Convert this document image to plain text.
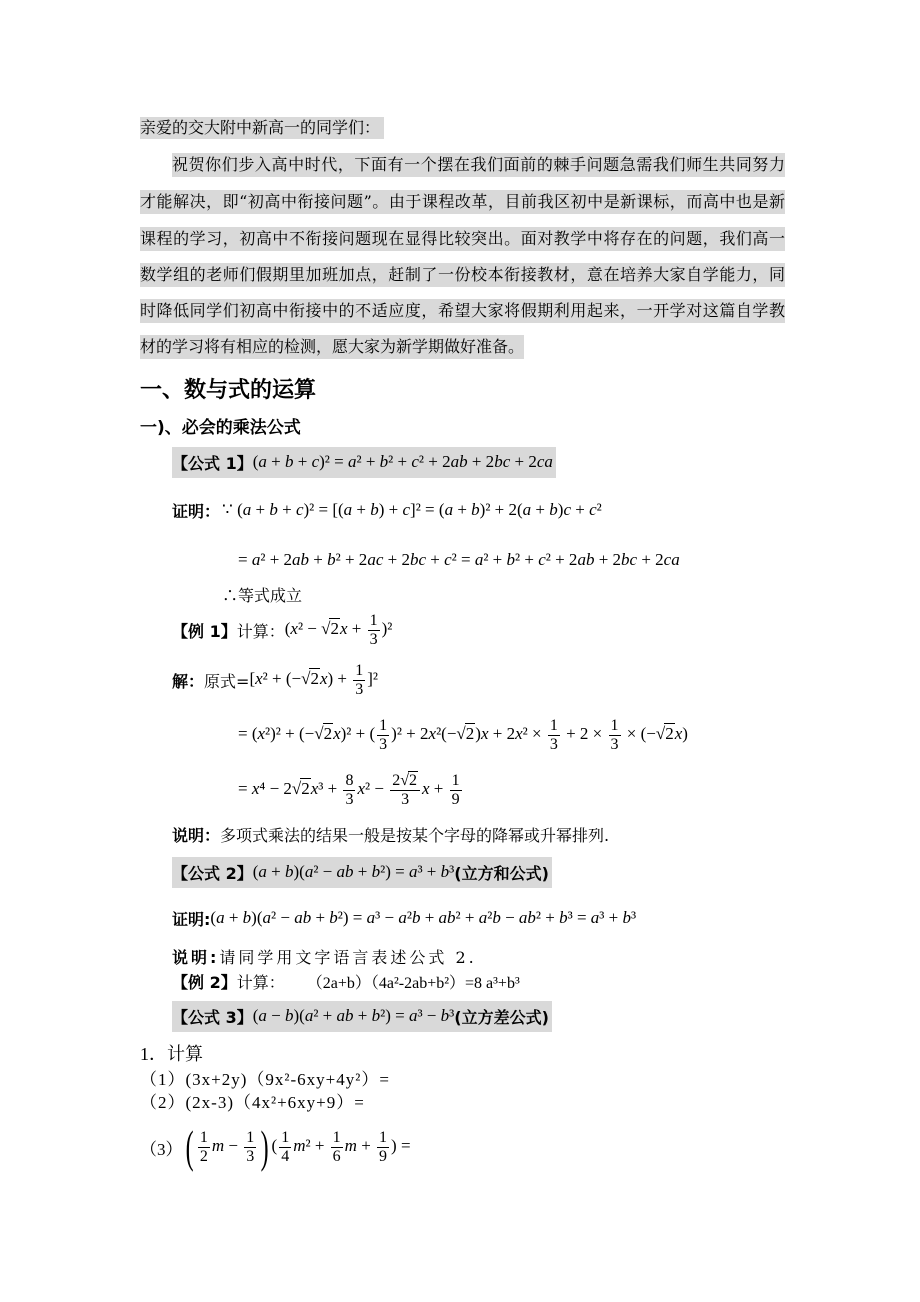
亲爱的交大附中新高一的同学们：
祝贺你们步入高中时代，下面有一个摆在我们面前的棘手问题急需我们师生共同努力
才能解决，即“初高中衔接问题”。由于课程改革，目前我区初中是新课标，而高中也是新
课程的学习，初高中不衔接问题现在显得比较突出。面对教学中将存在的问题，我们高一
数学组的老师们假期里加班加点，赶制了一份校本衔接教材，意在培养大家自学能力，同
时降低同学们初高中衔接中的不适应度，希望大家将假期利用起来，一开学对这篇自学教
材的学习将有相应的检测，愿大家为新学期做好准备。
一、数与式的运算
一)、必会的乘法公式
【公式 1】 (a + b + c)² = a² + b² + c² + 2ab + 2bc + 2ca
证明： ∵ (a + b + c)² = [(a + b) + c]² = (a + b)² + 2(a + b)c + c²
= a² + 2ab + b² + 2ac + 2bc + c² = a² + b² + c² + 2ab + 2bc + 2ca
∴等式成立
【例 1】 计算： $(x^2 - √2x + \frac{1}{3} )^2$
解： 原式= $[x^2 + (-√2x) + \frac{1}{3} ]^2$
= (x²)² + (−√2x)² + ( $\frac{1}{3} )^2 + 2x^2(-√2)x + 2x^2 \times \frac{1}{3} + 2 \times \frac{1}{3} \times (-√2x)$
= $x^4 - 2√2x^3 + \frac{8}{3} x^2 - \frac{2√2}{3}$ $x + \frac{1}{9}$
说明： 多项式乘法的结果一般是按某个字母的降幂或升幂排列.
【公式 2】 (a + b)(a² − ab + b²) = a³ + b³ (立方和公式)
证明: (a + b)(a² − ab + b²) = a³ − a²b + ab² + a²b − ab² + b³ = a³ + b³
说明: 请同学用文字语言表述公式 2.
【例 2】 计算： （2a+b）（4a²-2ab+b²）=8 a³+b³
【公式 3】 (a − b)(a² + ab + b²) = a³ − b³ (立方差公式)
1．计算
（1） (3x+2y)（9x²-6xy+4y²）=
（2） (2x-3)（4x²+6xy+9）=
（3） ( $\frac{1}{2}$ $m - \frac{1}{3}$ ) ( $\frac{1}{4} m^2 + \frac{1}{6}$ $m + \frac{1}{9}$ ) =
